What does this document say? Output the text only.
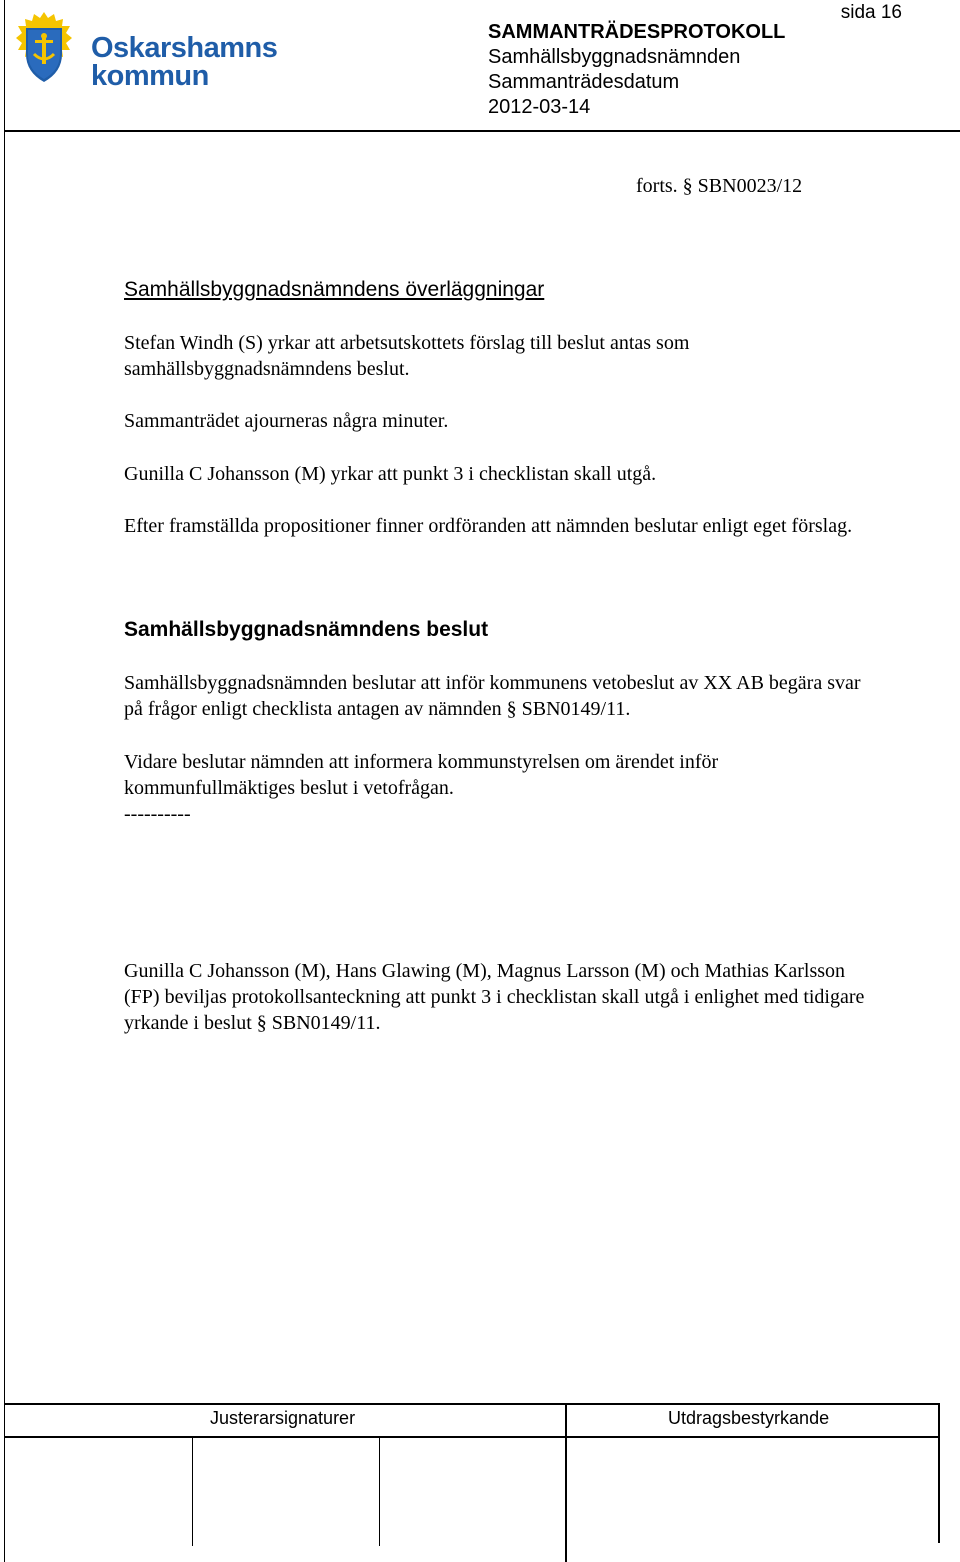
Oskarshamns
kommun
sida 16
SAMMANTRÄDESPROTOKOLL
Samhällsbyggnadsnämnden
Sammanträdesdatum
2012-03-14
forts. § SBN0023/12
Samhällsbyggnadsnämndens överläggningar
Stefan Windh (S) yrkar att arbetsutskottets förslag till beslut antas som samhällsbyggnadsnämndens beslut.
Sammanträdet ajourneras några minuter.
Gunilla C Johansson (M) yrkar att punkt 3 i checklistan skall utgå.
Efter framställda propositioner finner ordföranden att nämnden beslutar enligt eget förslag.
Samhällsbyggnadsnämndens beslut
Samhällsbyggnadsnämnden beslutar att inför kommunens vetobeslut av XX AB begära svar på frågor enligt checklista antagen av nämnden § SBN0149/11.
Vidare beslutar nämnden att informera kommunstyrelsen om ärendet inför kommunfullmäktiges beslut i vetofrågan.
----------
Gunilla C Johansson (M), Hans Glawing (M), Magnus Larsson (M) och Mathias Karlsson (FP) beviljas protokollsanteckning att punkt 3 i checklistan skall utgå i enlighet med tidigare yrkande i beslut § SBN0149/11.
Justerarsignaturer	Utdragsbestyrkande
